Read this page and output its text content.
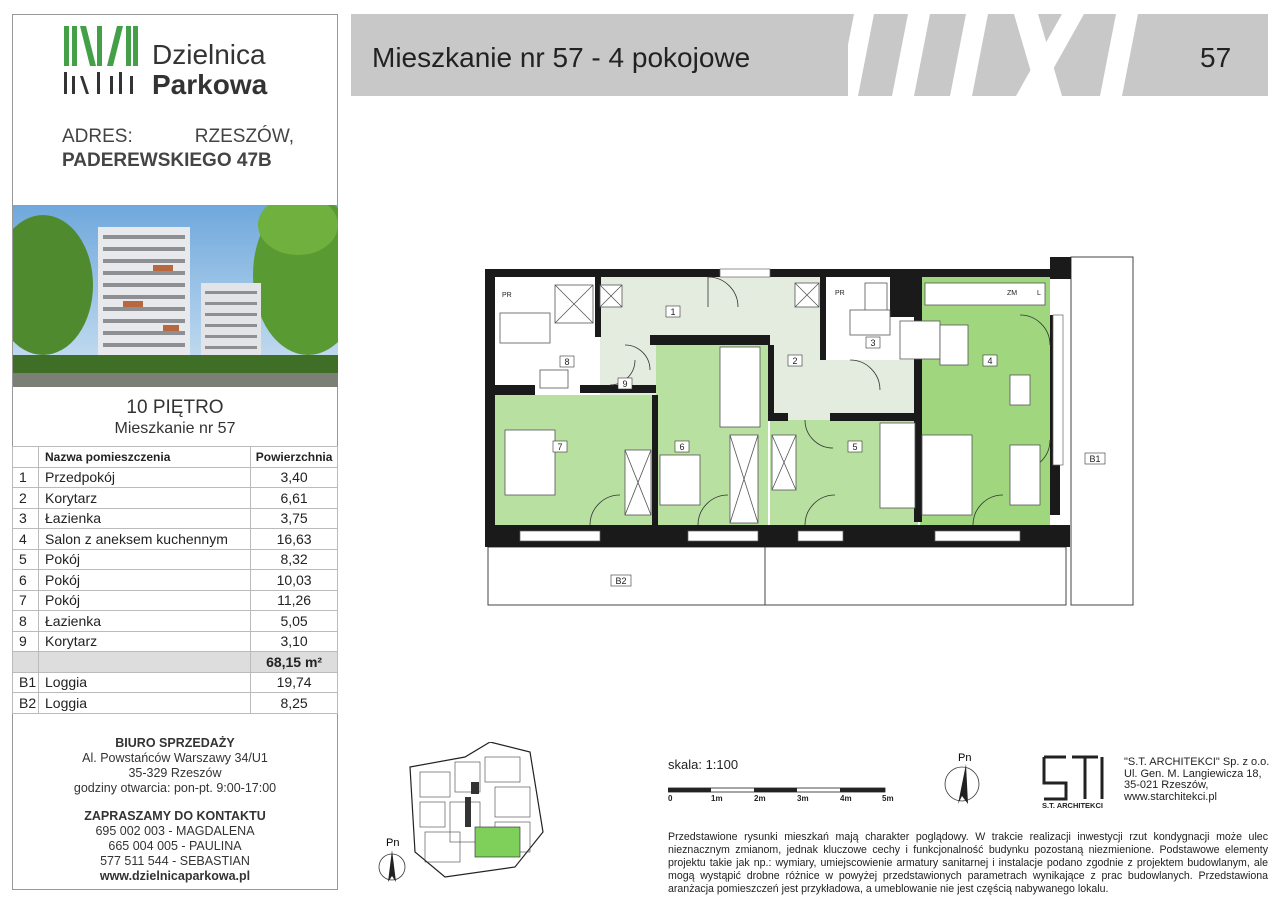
Dzielnica
Parkowa
ADRES:	RZESZÓW,
PADEREWSKIEGO 47B
10 PIĘTRO
Mieszkanie nr 57
	Nazwa pomieszczenia	Powierzchnia
1	Przedpokój	3,40
2	Korytarz	6,61
3	Łazienka	3,75
4	Salon z aneksem kuchennym	16,63
5	Pokój	8,32
6	Pokój	10,03
7	Pokój	11,26
8	Łazienka	5,05
9	Korytarz	3,10
		68,15 m²
B1	Loggia	19,74
B2	Loggia	8,25
BIURO SPRZEDAŻY
Al. Powstańców Warszawy 34/U1
35-329 Rzeszów
godziny otwarcia: pon-pt. 9:00-17:00
ZAPRASZAMY DO KONTAKTU
695 002 003 - MAGDALENA
665 004 005 - PAULINA
577 511 544 - SEBASTIAN
www.dzielnicaparkowa.pl
Mieszkanie nr 57 - 4 pokojowe	57
1
2
3
4
5
6
7
8
9
B1
B2
PR	PR	ZM	L
Pn
skala: 1:100
0	1m	2m	3m	4m	5m
Pn
S.T. ARCHITEKCI
"S.T. ARCHITEKCI" Sp. z o.o.
Ul. Gen. M. Langiewicza 18,
35-021 Rzeszów,
www.starchitekci.pl
Przedstawione rysunki mieszkań mają charakter poglądowy. W trakcie realizacji inwestycji rzut kondygnacji może ulec nieznacznym zmianom, jednak kluczowe cechy i funkcjonalność budynku pozostaną niezmienione. Podstawowe elementy projektu takie jak np.: wymiary, umiejscowienie armatury sanitarnej i instalacje podano zgodnie z projektem budowlanym, ale mogą wystąpić drobne różnice w powyżej przedstawionych parametrach wynikające z prac budowlanych. Przedstawiona aranżacja pomieszczeń jest przykładowa, a umeblowanie nie jest częścią nabywanego lokalu.
